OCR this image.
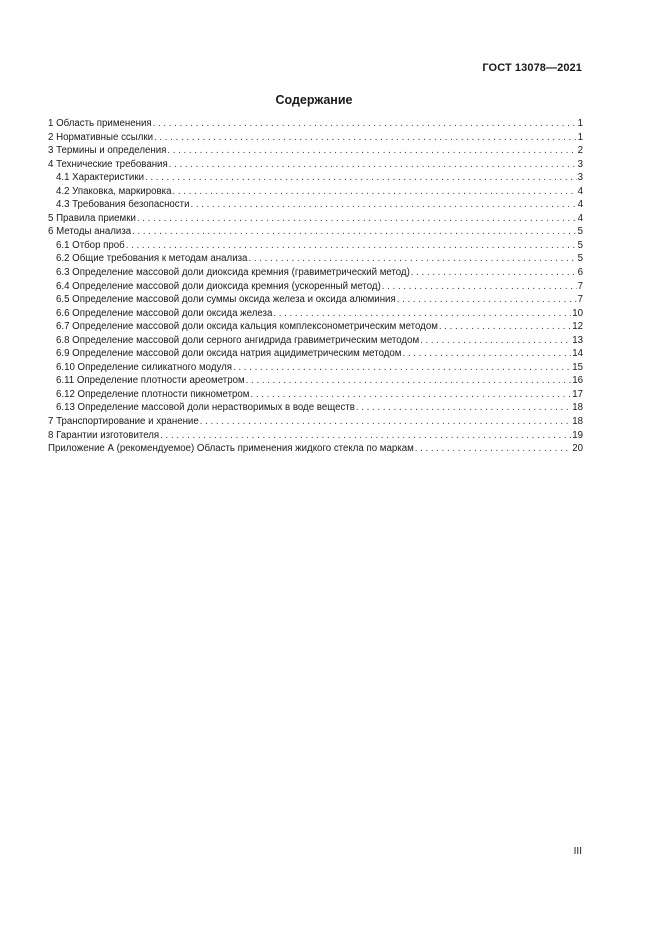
ГОСТ 13078—2021
Содержание
1 Область применения . . .	1
2 Нормативные ссылки . . .	1
3 Термины и определения . . .	2
4 Технические требования . . .	3
4.1 Характеристики . . .	3
4.2 Упаковка, маркировка . . .	4
4.3 Требования безопасности . . .	4
5 Правила приемки . . .	4
6 Методы анализа . . .	5
6.1 Отбор проб . . .	5
6.2 Общие требования к методам анализа . . .	5
6.3 Определение массовой доли диоксида кремния (гравиметрический метод) . . .	6
6.4 Определение массовой доли диоксида кремния (ускоренный метод) . . .	7
6.5 Определение массовой доли суммы оксида железа и оксида алюминия . . .	7
6.6 Определение массовой доли оксида железа . . .	10
6.7 Определение массовой доли оксида кальция комплексонометрическим методом . . .	12
6.8 Определение массовой доли серного ангидрида гравиметрическим методом . . .	13
6.9 Определение массовой доли оксида натрия ацидиметрическим методом . . .	14
6.10 Определение силикатного модуля . . .	15
6.11 Определение плотности ареометром . . .	16
6.12 Определение плотности пикнометром . . .	17
6.13 Определение массовой доли нерастворимых в воде веществ . . .	18
7 Транспортирование и хранение . . .	18
8 Гарантии изготовителя . . .	19
Приложение А (рекомендуемое) Область применения жидкого стекла по маркам . . .	20
III
